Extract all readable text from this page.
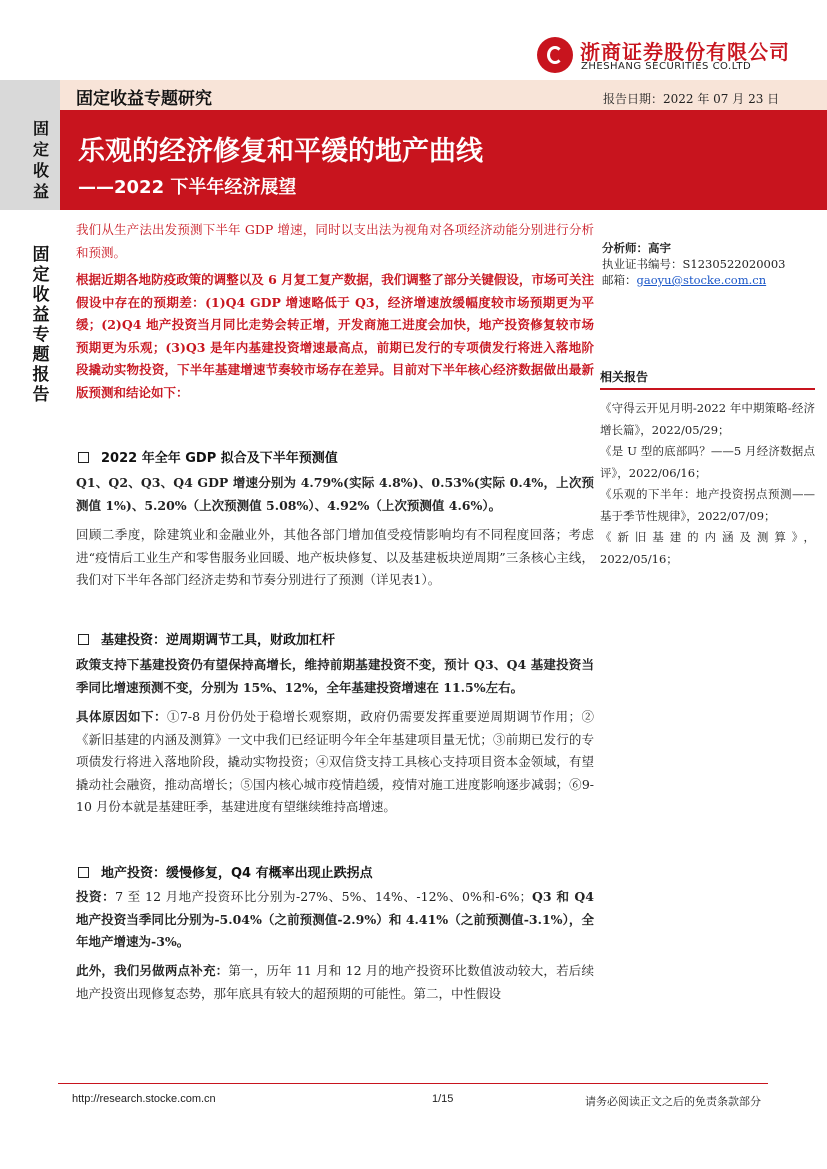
浙商证券股份有限公司
ZHESHANG SECURITIES CO.LTD
固定收益专题研究	报告日期：2022 年 07 月 23 日
固定收益
乐观的经济修复和平缓的地产曲线
——2022 下半年经济展望
固定收益专题报告
我们从生产法出发预测下半年 GDP 增速，同时以支出法为视角对各项经济动能分别进行分析和预测。
根据近期各地防疫政策的调整以及 6 月复工复产数据，我们调整了部分关键假设，市场可关注假设中存在的预期差：(1)Q4 GDP 增速略低于 Q3，经济增速放缓幅度较市场预期更为平缓；(2)Q4 地产投资当月同比走势会转正增，开发商施工进度会加快，地产投资修复较市场预期更为乐观；(3)Q3 是年内基建投资增速最高点，前期已发行的专项债发行将进入落地阶段撬动实物投资，下半年基建增速节奏较市场存在差异。目前对下半年核心经济数据做出最新版预测和结论如下：
分析师：高宇
执业证书编号：S1230522020003
邮箱：gaoyu@stocke.com.cn
相关报告
《守得云开见月明-2022 年中期策略-经济增长篇》，2022/05/29；
《是 U 型的底部吗？——5 月经济数据点评》，2022/06/16；
《乐观的下半年：地产投资拐点预测——基于季节性规律》，2022/07/09；
《新旧基建的内涵及测算》，2022/05/16；
2022 年全年 GDP 拟合及下半年预测值
Q1、Q2、Q3、Q4 GDP 增速分别为 4.79%(实际 4.8%)、0.53%(实际 0.4%，上次预测值 1%)、5.20%（上次预测值 5.08%）、4.92%（上次预测值 4.6%）。
回顾二季度，除建筑业和金融业外，其他各部门增加值受疫情影响均有不同程度回落；考虑进“疫情后工业生产和零售服务业回暖、地产板块修复、以及基建板块逆周期”三条核心主线，我们对下半年各部门经济走势和节奏分别进行了预测（详见表1）。
基建投资：逆周期调节工具，财政加杠杆
政策支持下基建投资仍有望保持高增长，维持前期基建投资不变，预计 Q3、Q4 基建投资当季同比增速预测不变，分别为 15%、12%，全年基建投资增速在 11.5%左右。
具体原因如下：①7-8 月份仍处于稳增长观察期，政府仍需要发挥重要逆周期调节作用；②《新旧基建的内涵及测算》一文中我们已经证明今年全年基建项目量无忧；③前期已发行的专项债发行将进入落地阶段，撬动实物投资；④双信贷支持工具核心支持项目资本金领域，有望撬动社会融资，推动高增长；⑤国内核心城市疫情趋缓，疫情对施工进度影响逐步减弱；⑥9-10 月份本就是基建旺季，基建进度有望继续维持高增速。
地产投资：缓慢修复，Q4 有概率出现止跌拐点
投资：7 至 12 月地产投资环比分别为-27%、5%、14%、-12%、0%和-6%；Q3 和 Q4 地产投资当季同比分别为-5.04%（之前预测值-2.9%）和 4.41%（之前预测值-3.1%），全年地产增速为-3%。
此外，我们另做两点补充：第一，历年 11 月和 12 月的地产投资环比数值波动较大，若后续地产投资出现修复态势，那年底具有较大的超预期的可能性。第二，中性假设
http://research.stocke.com.cn	1/15	请务必阅读正文之后的免责条款部分
